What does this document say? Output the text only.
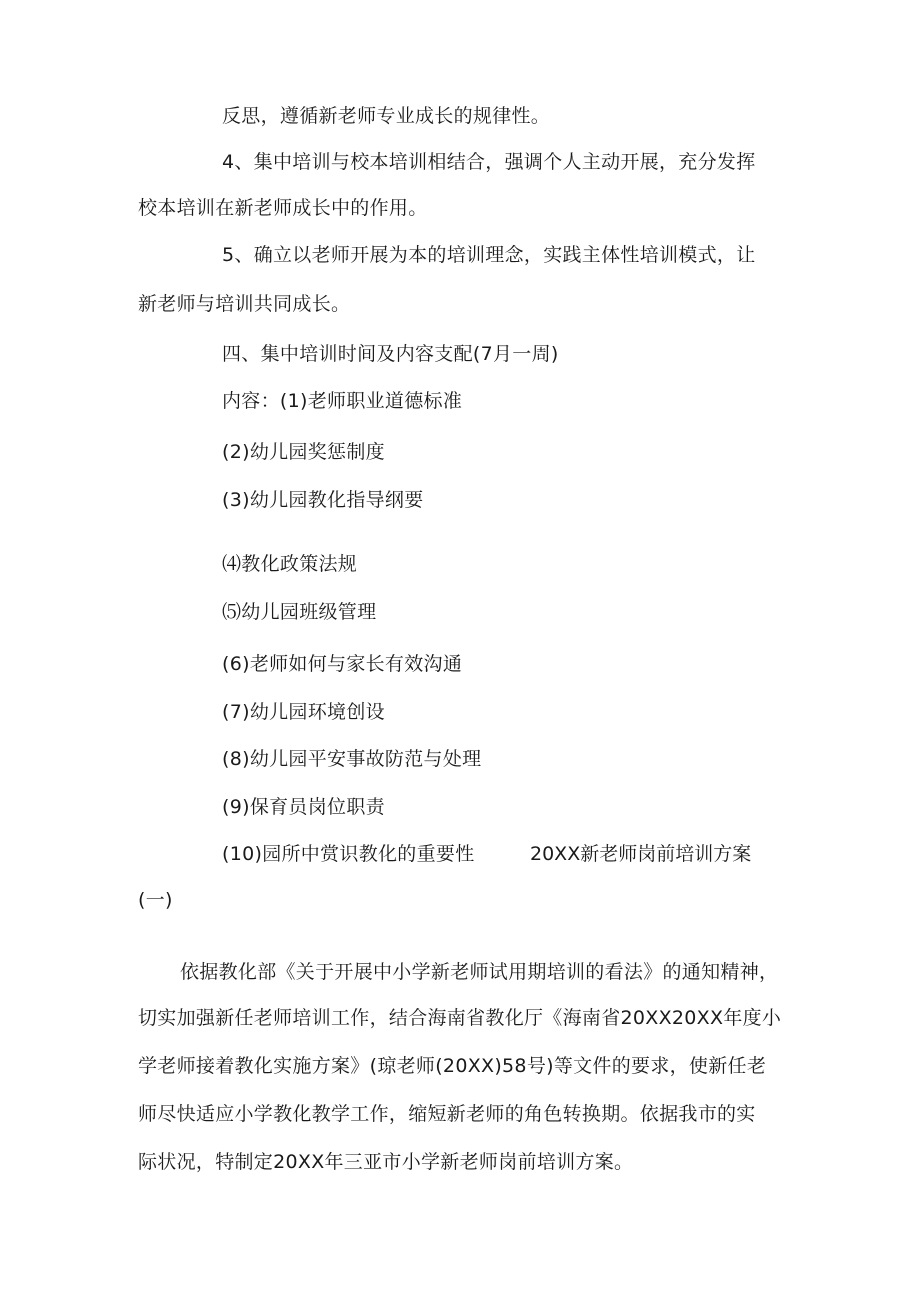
反思，遵循新老师专业成长的规律性。
4、集中培训与校本培训相结合，强调个人主动开展，充分发挥
校本培训在新老师成长中的作用。
5、确立以老师开展为本的培训理念，实践主体性培训模式，让
新老师与培训共同成长。
四、集中培训时间及内容支配(7月一周)
内容：(1)老师职业道德标准
(2)幼儿园奖惩制度
(3)幼儿园教化指导纲要
⑷教化政策法规
⑸幼儿园班级管理
(6)老师如何与家长有效沟通
(7)幼儿园环境创设
(8)幼儿园平安事故防范与处理
(9)保育员岗位职责
(10)园所中赏识教化的重要性	20XX新老师岗前培训方案
(一)
依据教化部《关于开展中小学新老师试用期培训的看法》的通知精神，
切实加强新任老师培训工作，结合海南省教化厅《海南省20XX20XX年度小
学老师接着教化实施方案》(琼老师(20XX)58号)等文件的要求，使新任老
师尽快适应小学教化教学工作，缩短新老师的角色转换期。依据我市的实
际状况，特制定20XX年三亚市小学新老师岗前培训方案。
